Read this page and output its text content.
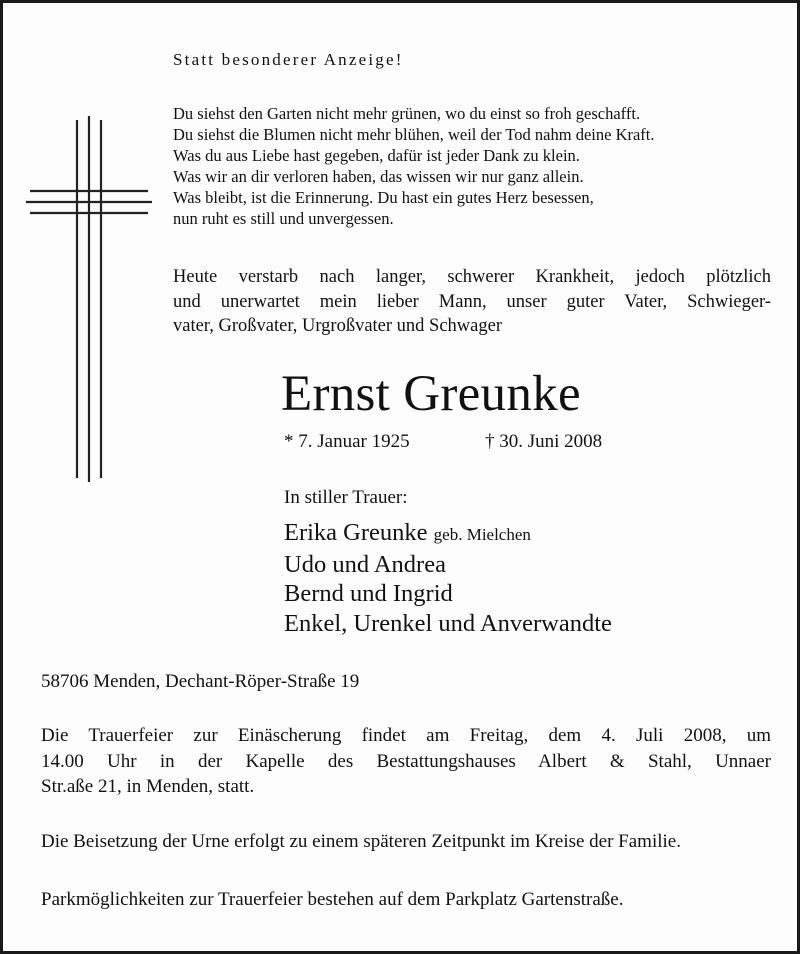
Statt besonderer Anzeige!
Du siehst den Garten nicht mehr grünen, wo du einst so froh geschafft.
Du siehst die Blumen nicht mehr blühen, weil der Tod nahm deine Kraft.
Was du aus Liebe hast gegeben, dafür ist jeder Dank zu klein.
Was wir an dir verloren haben, das wissen wir nur ganz allein.
Was bleibt, ist die Erinnerung. Du hast ein gutes Herz besessen,
nun ruht es still und unvergessen.
Heute verstarb nach langer, schwerer Krankheit, jedoch plötzlich
und unerwartet mein lieber Mann, unser guter Vater, Schwieger-
vater, Großvater, Urgroßvater und Schwager
Ernst Greunke
* 7. Januar 1925	† 30. Juni 2008
In stiller Trauer:
Erika Greunke geb. Mielchen
Udo und Andrea
Bernd und Ingrid
Enkel, Urenkel und Anverwandte
58706 Menden, Dechant-Röper-Straße 19
Die Trauerfeier zur Einäscherung findet am Freitag, dem 4. Juli 2008, um
14.00 Uhr in der Kapelle des Bestattungshauses Albert & Stahl, Unnaer
Str.aße 21, in Menden, statt.
Die Beisetzung der Urne erfolgt zu einem späteren Zeitpunkt im Kreise der Familie.
Parkmöglichkeiten zur Trauerfeier bestehen auf dem Parkplatz Gartenstraße.
